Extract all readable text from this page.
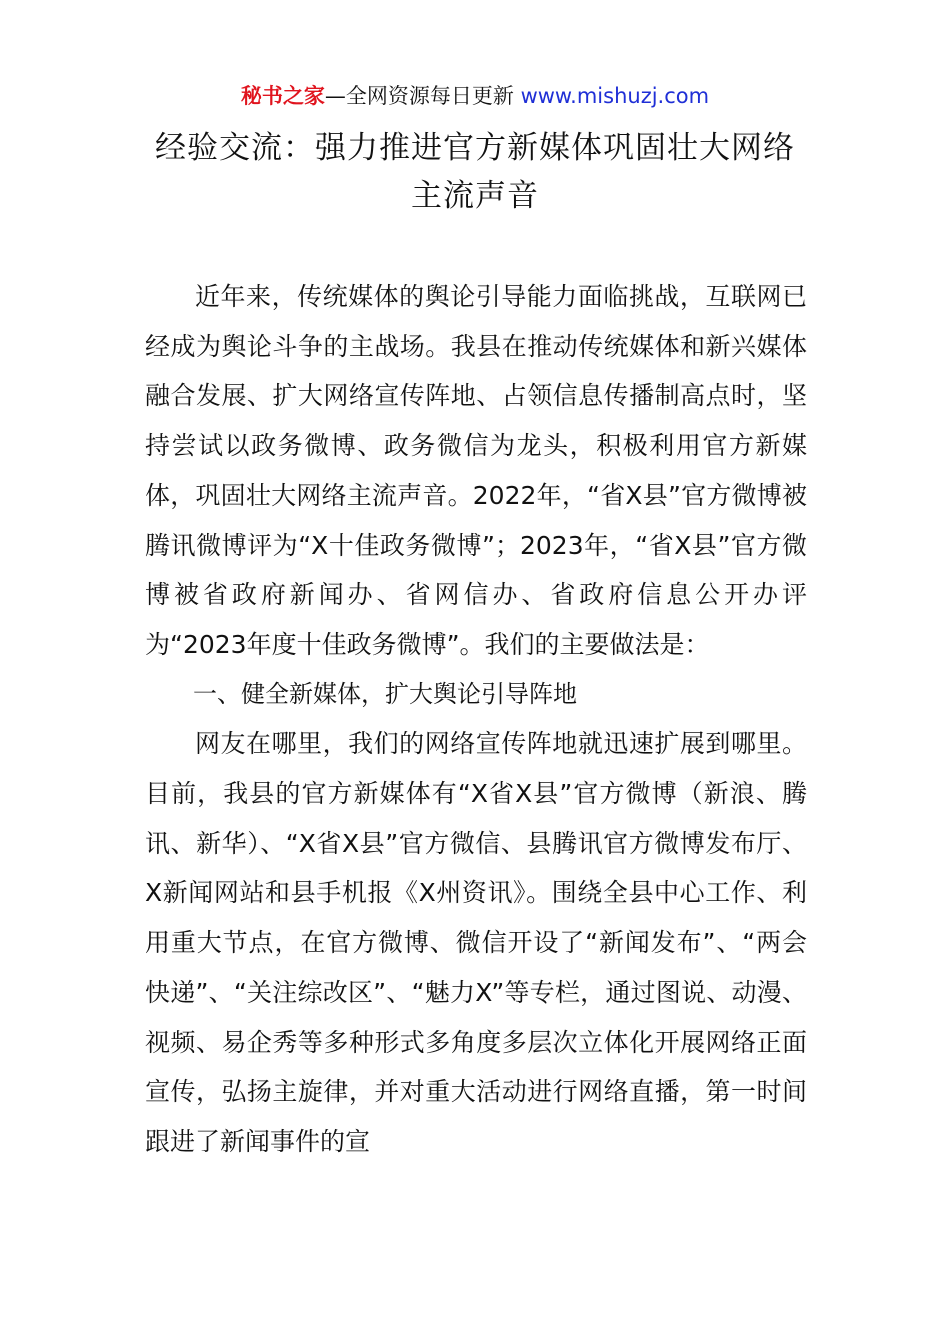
秘书之家—全网资源每日更新 www.mishuzj.com
经验交流：强力推进官方新媒体巩固壮大网络
主流声音

近年来，传统媒体的舆论引导能力面临挑战，互联网已经成为舆论斗争的主战场。我县在推动传统媒体和新兴媒体融合发展、扩大网络宣传阵地、占领信息传播制高点时，坚持尝试以政务微博、政务微信为龙头，积极利用官方新媒体，巩固壮大网络主流声音。2022年，“省X县”官方微博被腾讯微博评为“X十佳政务微博”；2023年，“省X县”官方微博被省政府新闻办、省网信办、省政府信息公开办评为“2023年度十佳政务微博”。我们的主要做法是：

一、健全新媒体，扩大舆论引导阵地

网友在哪里，我们的网络宣传阵地就迅速扩展到哪里。目前，我县的官方新媒体有“X省X县”官方微博（新浪、腾讯、新华）、“X省X县”官方微信、县腾讯官方微博发布厅、X新闻网站和县手机报《X州资讯》。围绕全县中心工作、利用重大节点，在官方微博、微信开设了“新闻发布”、“两会快递”、“关注综改区”、“魅力X”等专栏，通过图说、动漫、视频、易企秀等多种形式多角度多层次立体化开展网络正面宣传，弘扬主旋律，并对重大活动进行网络直播，第一时间跟进了新闻事件的宣
